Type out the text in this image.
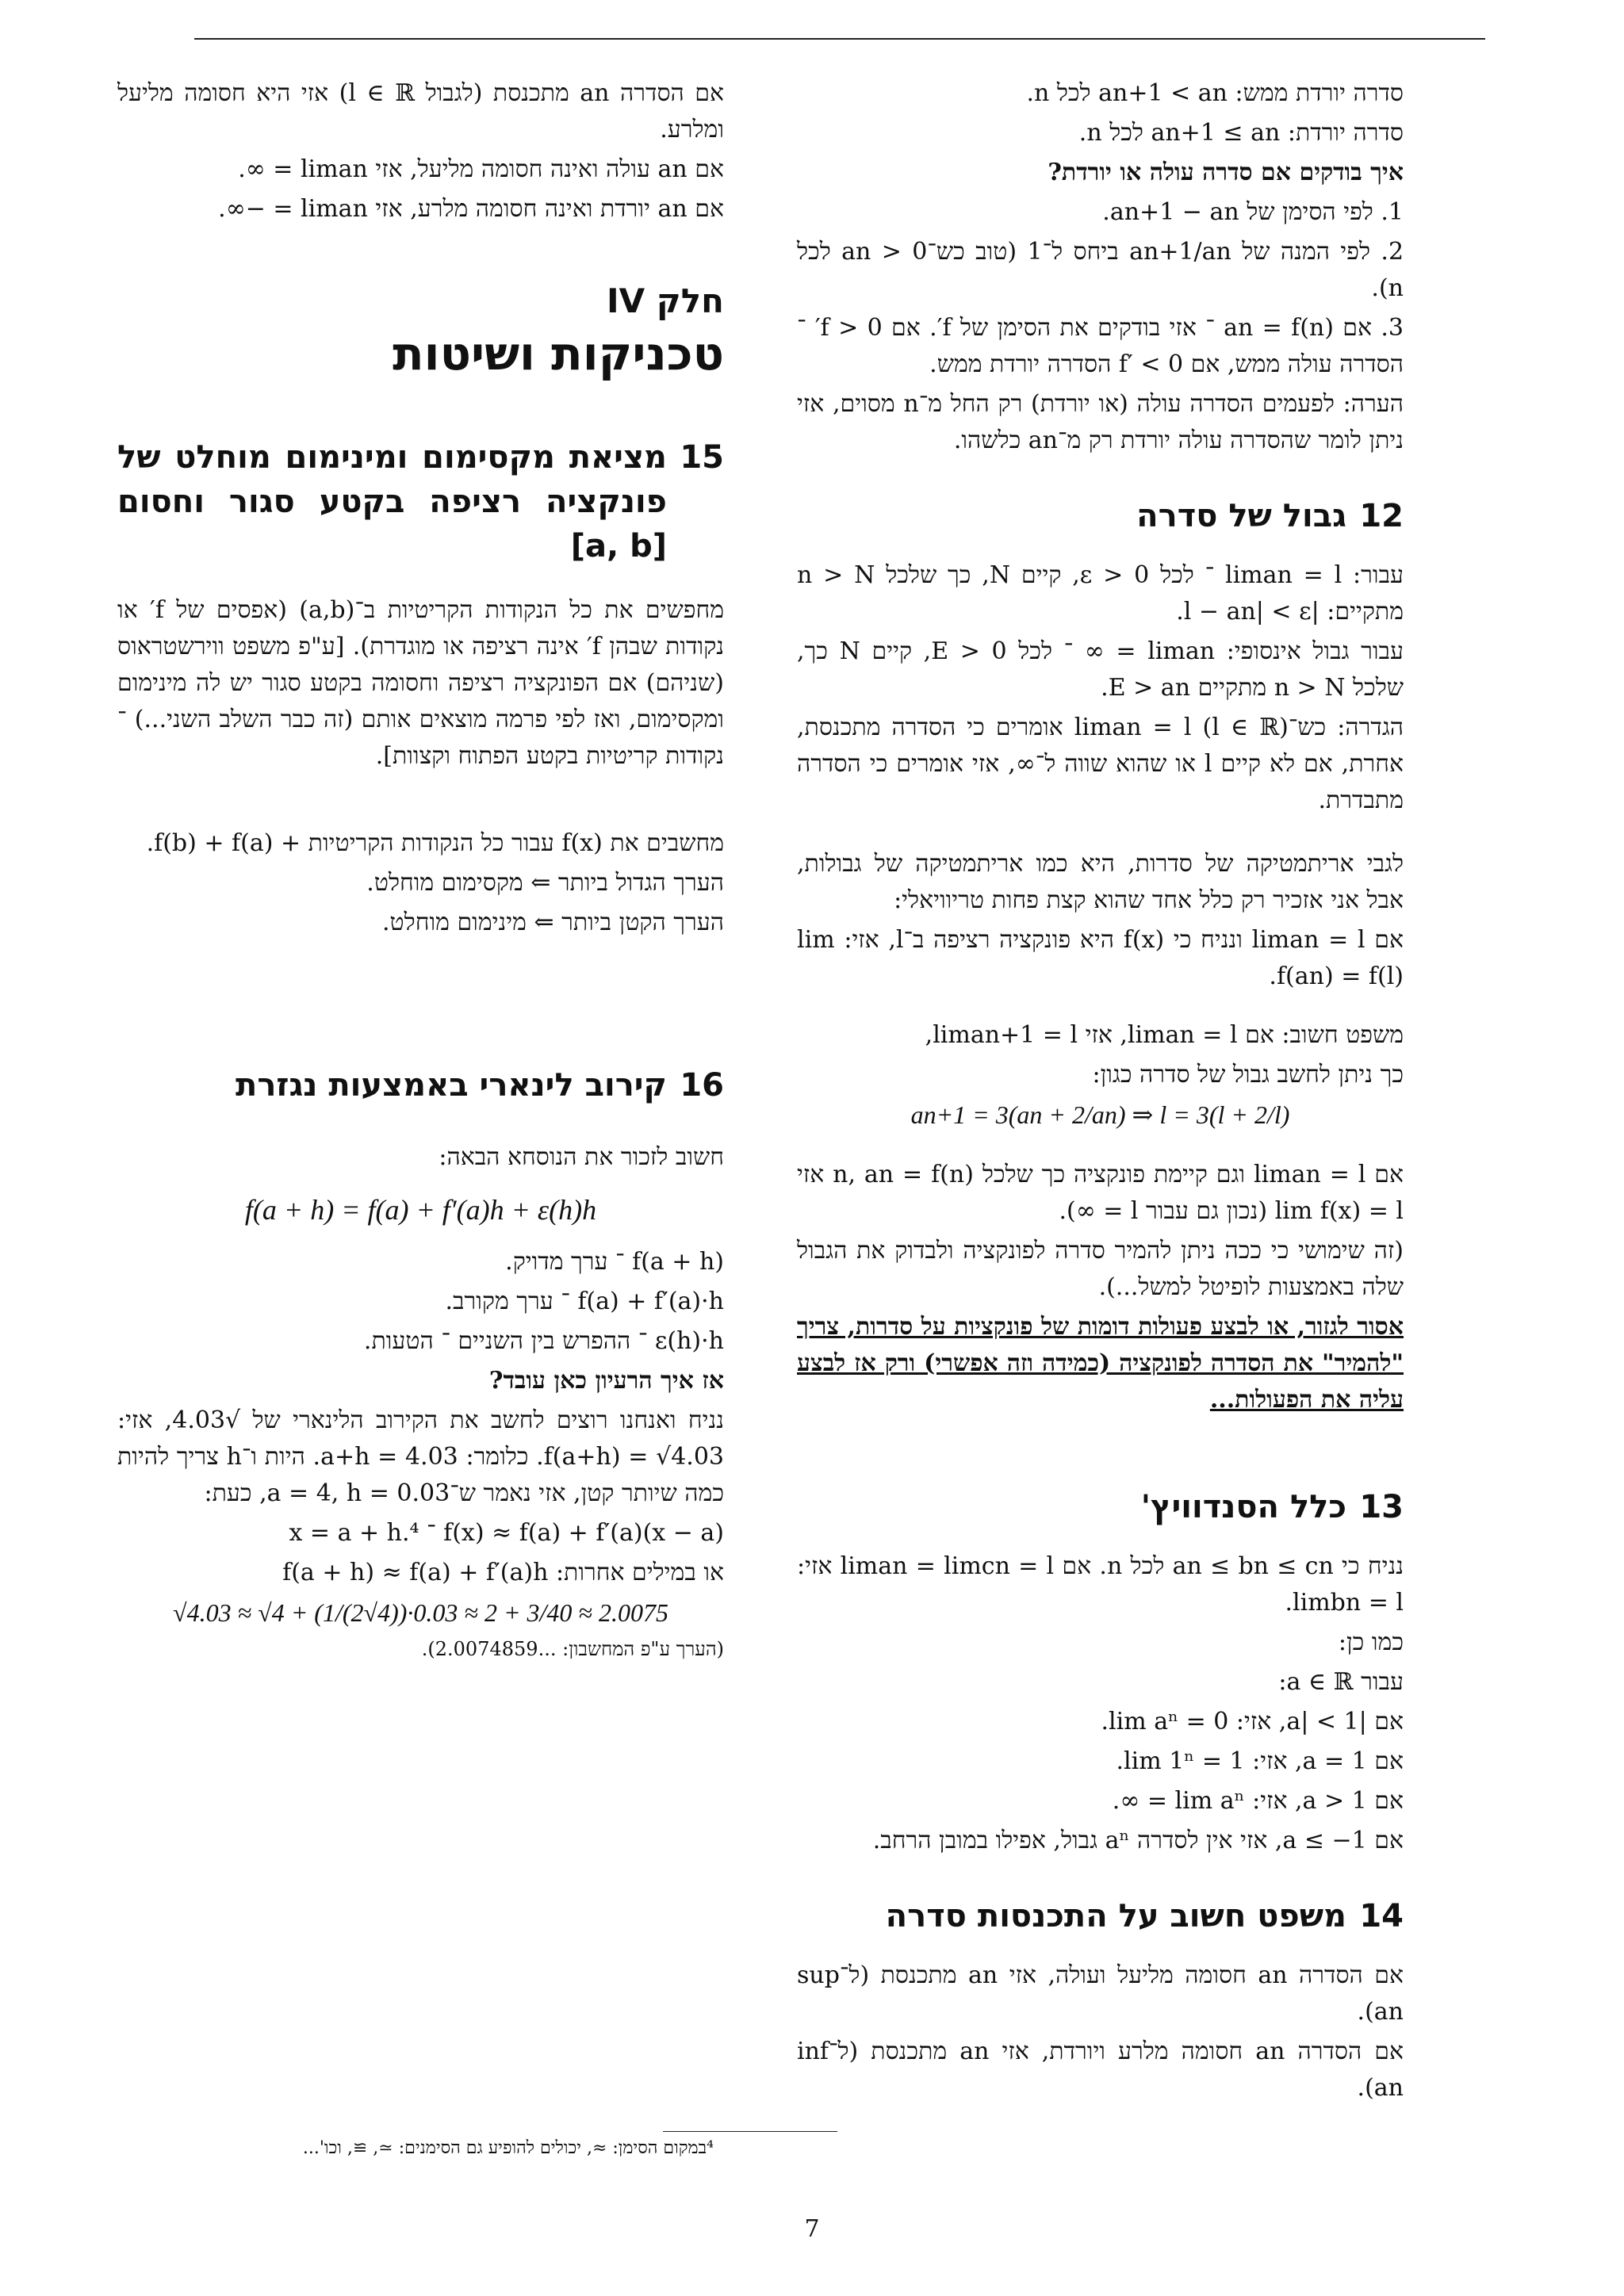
סדרה יורדת ממש: an+1 < an לכל n.

סדרה יורדת: an+1 ≤ an לכל n.

איך בודקים אם סדרה עולה או יורדת?

1. לפי הסימן של an+1 − an.

2. לפי המנה של an+1/an ביחס ל־1 (טוב כש־0 < an לכל n).

3. אם an = f(n) ־ אזי בודקים את הסימן של f′. אם 0 < f′ ־ הסדרה עולה ממש, אם f′ < 0 הסדרה יורדת ממש.

הערה: לפעמים הסדרה עולה (או יורדת) רק החל מ־n מסוים, אזי ניתן לומר שהסדרה עולה יורדת רק מ־an כלשהו.

12
גבול של סדרה

עבור: liman = l ־ לכל ε > 0, קיים N, כך שלכל n > N מתקיים: |l − an| < ε.

עבור גבול אינסופי: liman = ∞ ־ לכל E > 0, קיים N כך, שלכל n > N מתקיים E > an.

הגדרה: כש־liman = l (l ∈ ℝ) אומרים כי הסדרה מתכנסת, אחרת, אם לא קיים l או שהוא שווה ל־∞, אזי אומרים כי הסדרה מתבדרת.

לגבי אריתמטיקה של סדרות, היא כמו אריתמטיקה של גבולות, אבל אני אזכיר רק כלל אחד שהוא קצת פחות טריוויאלי:

אם liman = l ונניח כי f(x) היא פונקציה רציפה ב־l, אזי: lim f(an) = f(l).

משפט חשוב: אם liman = l, אזי liman+1 = l,

כך ניתן לחשב גבול של סדרה כגון:

an+1 = 3(an + 2/an) ⇒ l = 3(l + 2/l)

אם liman = l וגם קיימת פונקציה כך שלכל n, an = f(n) אזי lim f(x) = l (נכון גם עבור l = ∞).

(זה שימושי כי ככה ניתן להמיר סדרה לפונקציה ולבדוק את הגבול שלה באמצעות לופיטל למשל...).

אסור לגזור, או לבצע פעולות דומות של פונקציות על סדרות, צריך "להמיר" את הסדרה לפונקציה (כמידה וזה אפשרי) ורק אז לבצע עליה את הפעולות...

13
כלל הסנדוויץ'

נניח כי an ≤ bn ≤ cn לכל n. אם liman = limcn = l אזי: limbn = l.

כמו כן:

עבור a ∈ ℝ:

אם |a| < 1, אזי: lim aⁿ = 0.

אם a = 1, אזי: lim 1ⁿ = 1.

אם a > 1, אזי: lim aⁿ = ∞.

אם a ≤ −1, אזי אין לסדרה aⁿ גבול, אפילו במובן הרחב.

14
משפט חשוב על התכנסות סדרה

אם הסדרה an חסומה מליעל ועולה, אזי an מתכנסת (ל־sup an).

אם הסדרה an חסומה מלרע ויורדת, אזי an מתכנסת (ל־inf an).

אם הסדרה an מתכנסת (לגבול l ∈ ℝ) אזי היא חסומה מליעל ומלרע.

אם an עולה ואינה חסומה מליעל, אזי liman = ∞.

אם an יורדת ואינה חסומה מלרע, אזי liman = −∞.

חלק IV
טכניקות ושיטות
15
מציאת מקסימום ומינימום מוחלט של פונקציה רציפה בקטע סגור וחסום [a, b]

מחפשים את כל הנקודות הקריטיות ב־(a,b) (אפסים של f′ או נקודות שבהן f′ אינה רציפה או מוגדרת). [ע"פ משפט ווירשטראוס (שניהם) אם הפונקציה רציפה וחסומה בקטע סגור יש לה מינימום ומקסימום, ואז לפי פרמה מוצאים אותם (זה כבר השלב השני...) ־ נקודות קריטיות בקטע הפתוח וקצוות].

מחשבים את f(x) עבור כל הנקודות הקריטיות + f(b) + f(a).

הערך הגדול ביותר ⇐ מקסימום מוחלט.

הערך הקטן ביותר ⇐ מינימום מוחלט.

16
קירוב לינארי באמצעות נגזרת

חשוב לזכור את הנוסחא הבאה:

f(a + h) = f(a) + f′(a)h + ε(h)h

f(a + h) ־ ערך מדויק.

f(a) + f′(a)·h ־ ערך מקורב.

ε(h)·h ־ ההפרש בין השניים ־ הטעות.

אז איך הרעיון כאן עובד?

נניח ואנחנו רוצים לחשב את הקירוב הלינארי של √4.03, אזי: f(a+h) = √4.03. כלומר: a+h = 4.03. היות ו־h צריך להיות כמה שיותר קטן, אזי נאמר ש־a = 4, h = 0.03, כעת:

f(x) ≈ f(a) + f′(a)(x − a) ־ x = a + h.⁴

או במילים אחרות: f(a + h) ≈ f(a) + f′(a)h

√4.03 ≈ √4 + (1/(2√4))·0.03 ≈ 2 + 3/40 ≈ 2.0075

(הערך ע"פ המחשבון: ...2.0074859).

⁴במקום הסימן: ≈, יכולים להופיע גם הסימנים: ≃, ≅, וכו'...
7
